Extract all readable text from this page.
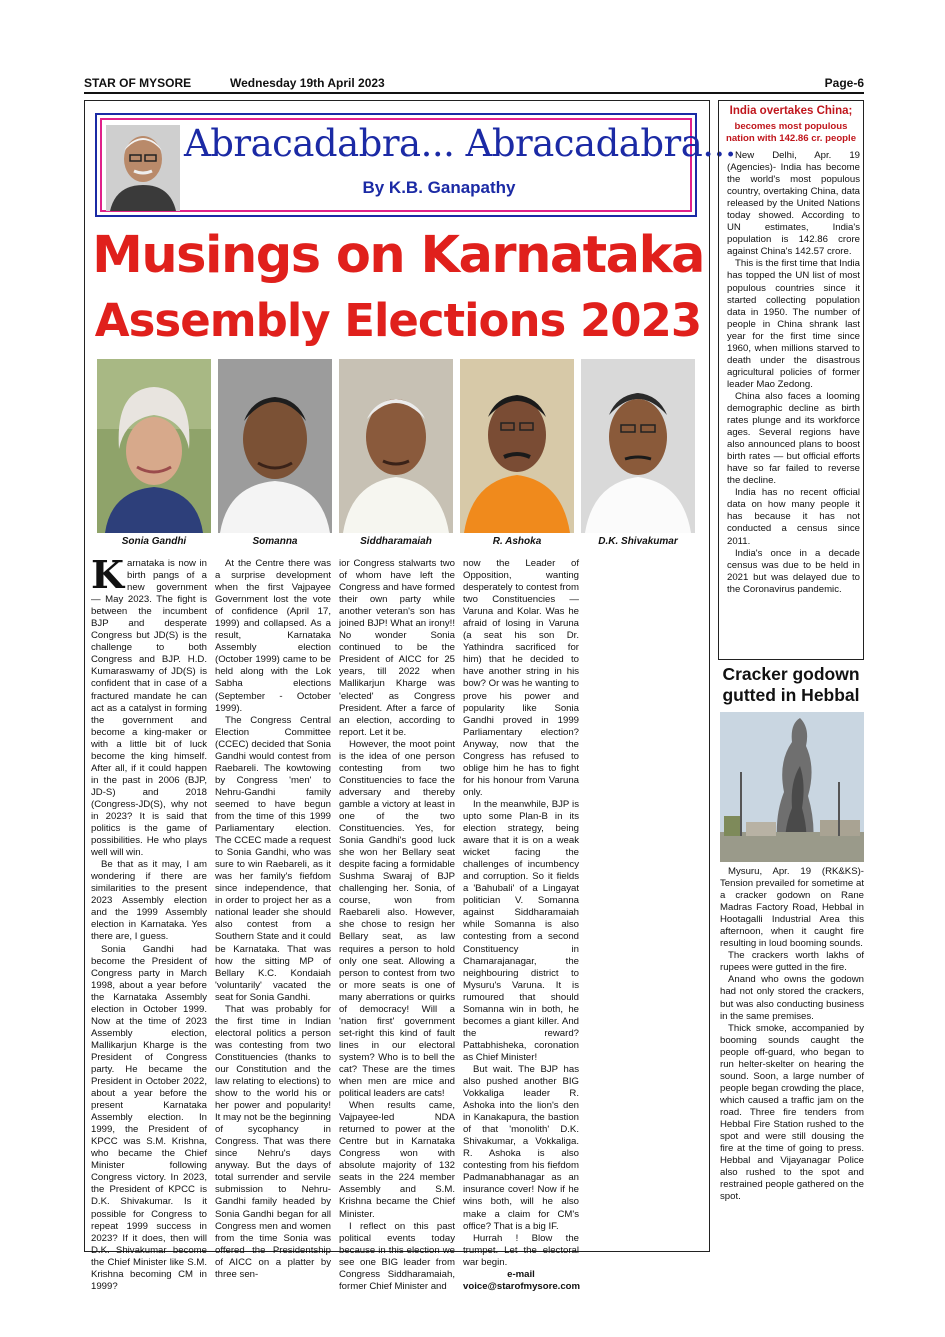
STAR OF MYSORE	Wednesday 19th April 2023	Page-6
Abracadabra... Abracadabra...
By K.B. Ganapathy
Musings on Karnataka
Assembly Elections 2023
Sonia Gandhi	Somanna	Siddharamaiah	R. Ashoka	D.K. Shivakumar

Karnataka is now in birth pangs of a new government — May 2023. The fight is between the incumbent BJP and desperate Congress but JD(S) is the challenge to both Congress and BJP. H.D. Kumaraswamy of JD(S) is confident that in case of a fractured mandate he can act as a catalyst in forming the government and become a king-maker or with a little bit of luck become the king himself. After all, if it could happen in the past in 2006 (BJP, JD-S) and 2018 (Congress-JD(S), why not in 2023? It is said that politics is the game of possibilities. He who plays well will win.

Be that as it may, I am wondering if there are similarities to the present 2023 Assembly election and the 1999 Assembly election in Karnataka. Yes there are, I guess.

Sonia Gandhi had become the President of Congress party in March 1998, about a year before the Karnataka Assembly election in October 1999. Now at the time of 2023 Assembly election, Mallikarjun Kharge is the President of Congress party. He became the President in October 2022, about a year before the present Karnataka Assembly election. In 1999, the President of KPCC was S.M. Krishna, who became the Chief Minister following Congress victory. In 2023, the President of KPCC is D.K. Shivakumar. Is it possible for Congress to repeat 1999 success in 2023? If it does, then will D.K. Shivakumar become the Chief Minister like S.M. Krishna becoming CM in 1999?

At the Centre there was a surprise development when the first Vajpayee Government lost the vote of confidence (April 17, 1999) and collapsed. As a result, Karnataka Assembly election (October 1999) came to be held along with the Lok Sabha elections (September - October 1999).

The Congress Central Election Committee (CCEC) decided that Sonia Gandhi would contest from Raebareli. The kowtowing by Congress 'men' to Nehru-Gandhi family seemed to have begun from the time of this 1999 Parliamentary election. The CCEC made a request to Sonia Gandhi, who was sure to win Raebareli, as it was her family's fiefdom since independence, that in order to project her as a national leader she should also contest from a Southern State and it could be Karnataka. That was how the sitting MP of Bellary K.C. Kondaiah 'voluntarily' vacated the seat for Sonia Gandhi.

That was probably for the first time in Indian electoral politics a person was contesting from two Constituencies (thanks to our Constitution and the law relating to elections) to show to the world his or her power and popularity! It may not be the beginning of sycophancy in Congress. That was there since Nehru's days anyway. But the days of total surrender and servile submission to Nehru-Gandhi family headed by Sonia Gandhi began for all Congress men and women from the time Sonia was offered the Presidentship of AICC on a platter by three sen-

ior Congress stalwarts two of whom have left the Congress and have formed their own party while another veteran's son has joined BJP! What an irony!! No wonder Sonia continued to be the President of AICC for 25 years, till 2022 when Mallikarjun Kharge was 'elected' as Congress President. After a farce of an election, according to report. Let it be.

However, the moot point is the idea of one person contesting from two Constituencies to face the adversary and thereby gamble a victory at least in one of the two Constituencies. Yes, for Sonia Gandhi's good luck she won her Bellary seat despite facing a formidable Sushma Swaraj of BJP challenging her. Sonia, of course, won from Raebareli also. However, she chose to resign her Bellary seat, as law requires a person to hold only one seat. Allowing a person to contest from two or more seats is one of many aberrations or quirks of democracy! Will a 'nation first' government set-right this kind of fault lines in our electoral system? Who is to bell the cat? These are the times when men are mice and political leaders are cats!

When results came, Vajpayee-led NDA returned to power at the Centre but in Karnataka Congress won with absolute majority of 132 seats in the 224 member Assembly and S.M. Krishna became the Chief Minister.

I reflect on this past political events today because in this election we see one BIG leader from Congress Siddharamaiah, former Chief Minister and

now the Leader of Opposition, wanting desperately to contest from two Constituencies — Varuna and Kolar. Was he afraid of losing in Varuna (a seat his son Dr. Yathindra sacrificed for him) that he decided to have another string in his bow? Or was he wanting to prove his power and popularity like Sonia Gandhi proved in 1999 Parliamentary election? Anyway, now that the Congress has refused to oblige him he has to fight for his honour from Varuna only.

In the meanwhile, BJP is upto some Plan-B in its election strategy, being aware that it is on a weak wicket facing the challenges of incumbency and corruption. So it fields a 'Bahubali' of a Lingayat politician V. Somanna against Siddharamaiah while Somanna is also contesting from a second Constituency in Chamarajanagar, the neighbouring district to Mysuru's Varuna. It is rumoured that should Somanna win in both, he becomes a giant killer. And the reward? Pattabhisheka, coronation as Chief Minister!

But wait. The BJP has also pushed another BIG Vokkaliga leader R. Ashoka into the lion's den in Kanakapura, the bastion of that 'monolith' D.K. Shivakumar, a Vokkaliga. R. Ashoka is also contesting from his fiefdom Padmanabhanagar as an insurance cover! Now if he wins both, will he also make a claim for CM's office? That is a big IF.

Hurrah ! Blow the trumpet. Let the electoral war begin.

e-mail

voice@starofmysore.com

India overtakes China;
becomes most populous nation with 142.86 cr. people

New Delhi, Apr. 19 (Agencies)- India has become the world's most populous country, overtaking China, data released by the United Nations today showed. According to UN estimates, India's population is 142.86 crore against China's 142.57 crore.

This is the first time that India has topped the UN list of most populous countries since it started collecting population data in 1950. The number of people in China shrank last year for the first time since 1960, when millions starved to death under the disastrous agricultural policies of former leader Mao Zedong.

China also faces a looming demographic decline as birth rates plunge and its workforce ages. Several regions have also announced plans to boost birth rates — but official efforts have so far failed to reverse the decline.

India has no recent official data on how many people it has because it has not conducted a census since 2011.

India's once in a decade census was due to be held in 2021 but was delayed due to the Coronavirus pandemic.

Cracker godown gutted in Hebbal

Mysuru, Apr. 19 (RK&KS)- Tension prevailed for sometime at a cracker godown on Rane Madras Factory Road, Hebbal in Hootagalli Industrial Area this afternoon, when it caught fire resulting in loud booming sounds.

The crackers worth lakhs of rupees were gutted in the fire.

Anand who owns the godown had not only stored the crackers, but was also conducting business in the same premises.

Thick smoke, accompanied by booming sounds caught the people off-guard, who began to run helter-skelter on hearing the sound. Soon, a large number of people began crowding the place, which caused a traffic jam on the road. Three fire tenders from Hebbal Fire Station rushed to the spot and were still dousing the fire at the time of going to press. Hebbal and Vijayanagar Police also rushed to the spot and restrained people gathered on the spot.
